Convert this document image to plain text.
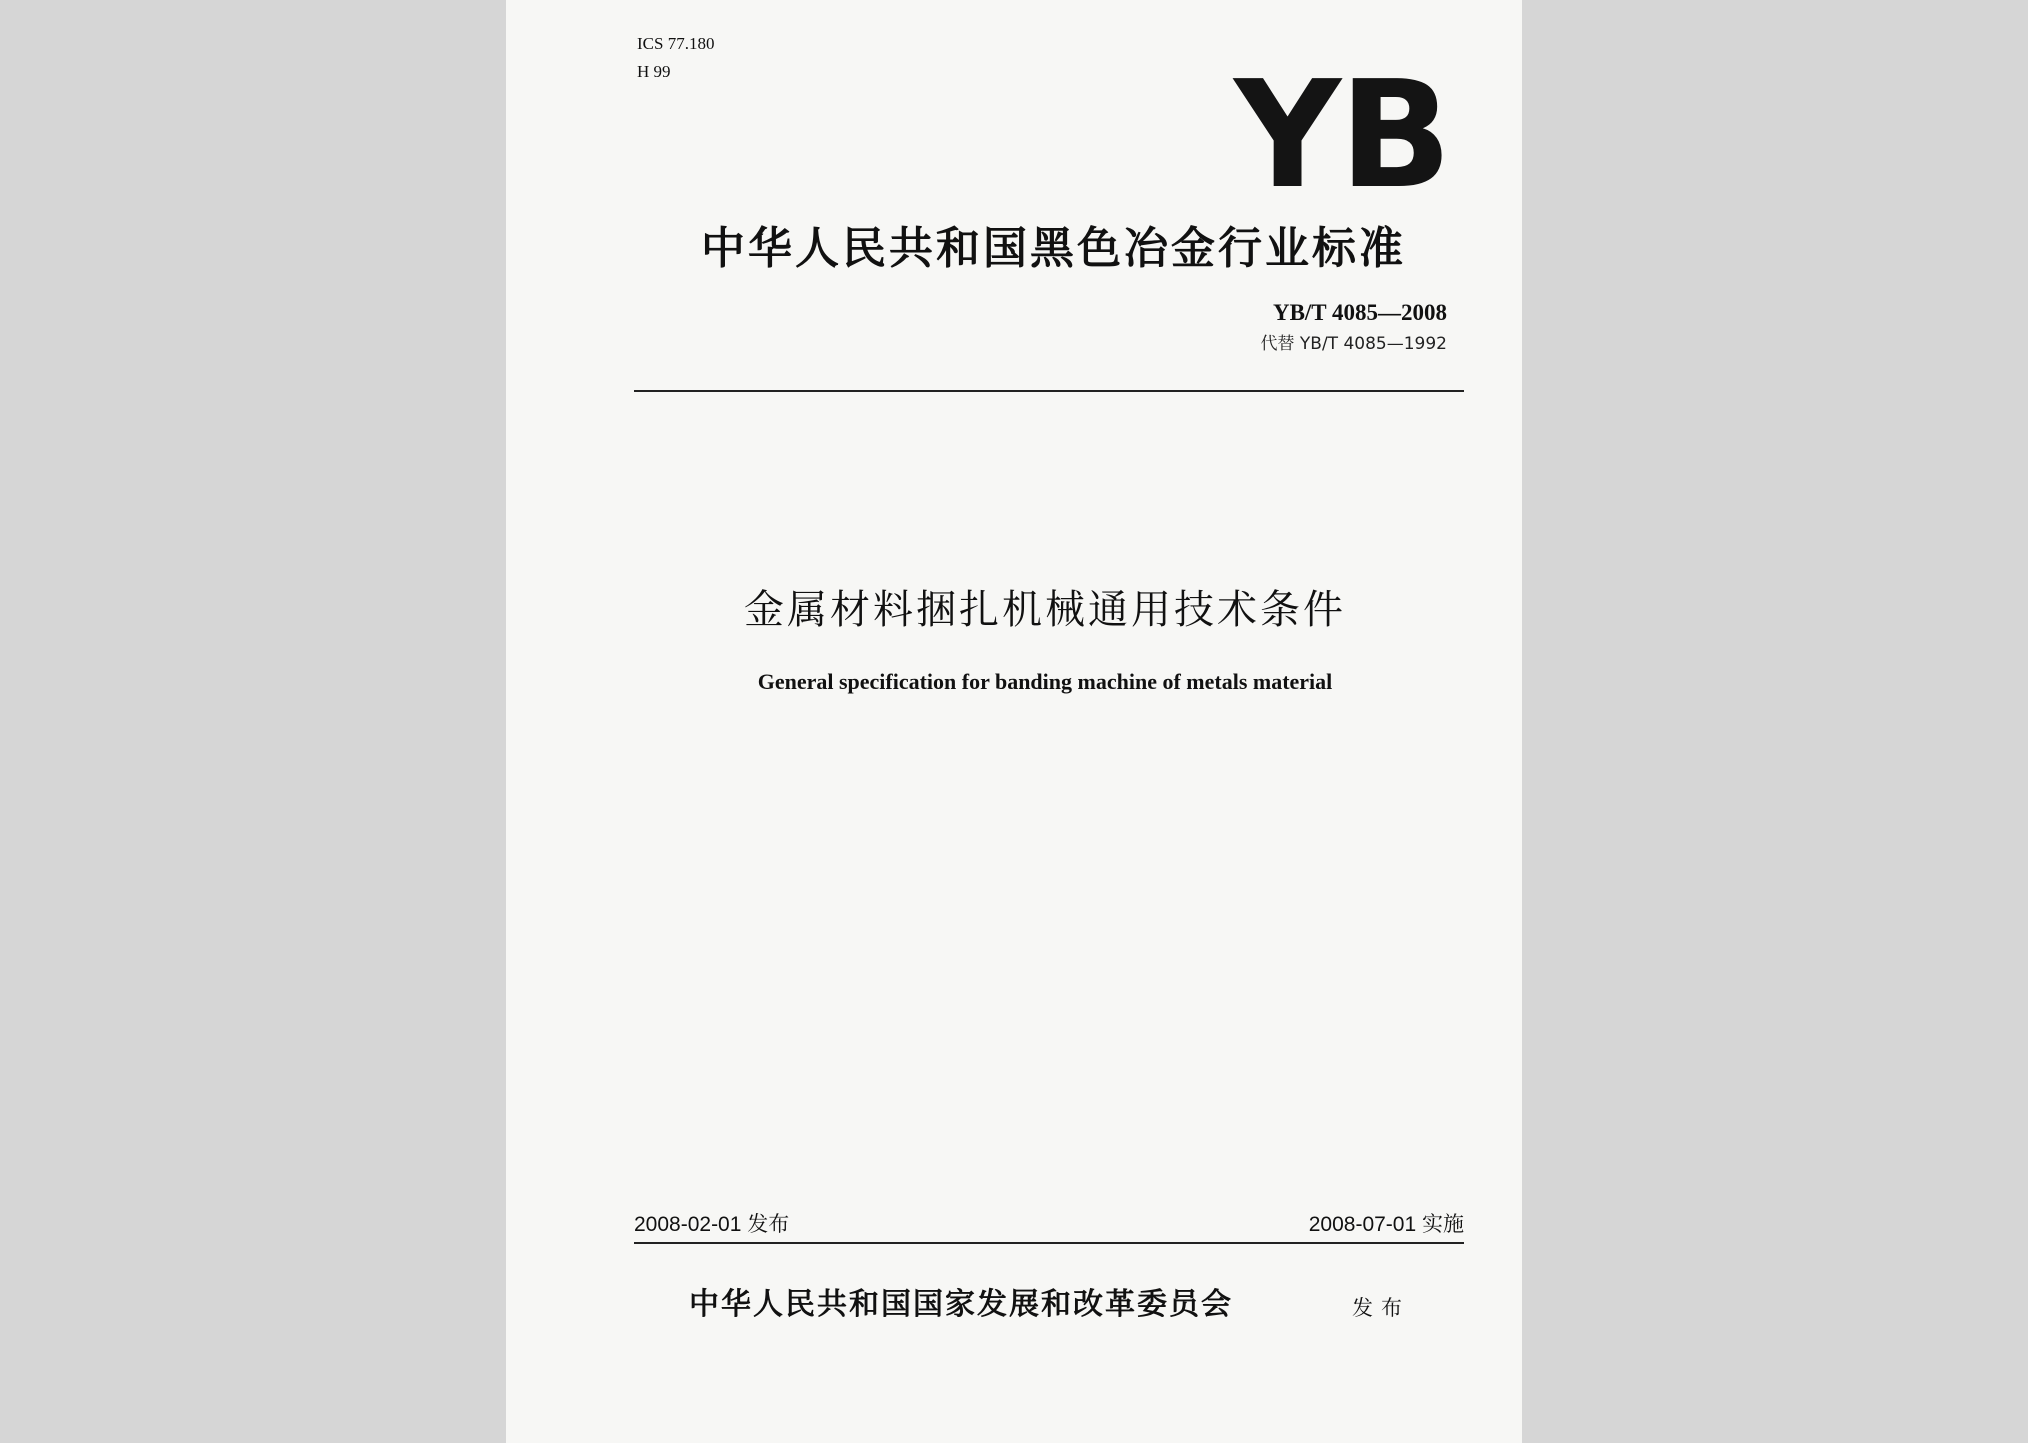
ICS 77.180
H 99	YB
中华人民共和国黑色冶金行业标准
YB/T 4085—2008
代替 YB/T 4085—1992
金属材料捆扎机械通用技术条件
General specification for banding machine of metals material
2008-02-01 发布	2008-07-01 实施
中华人民共和国国家发展和改革委员会	发布
